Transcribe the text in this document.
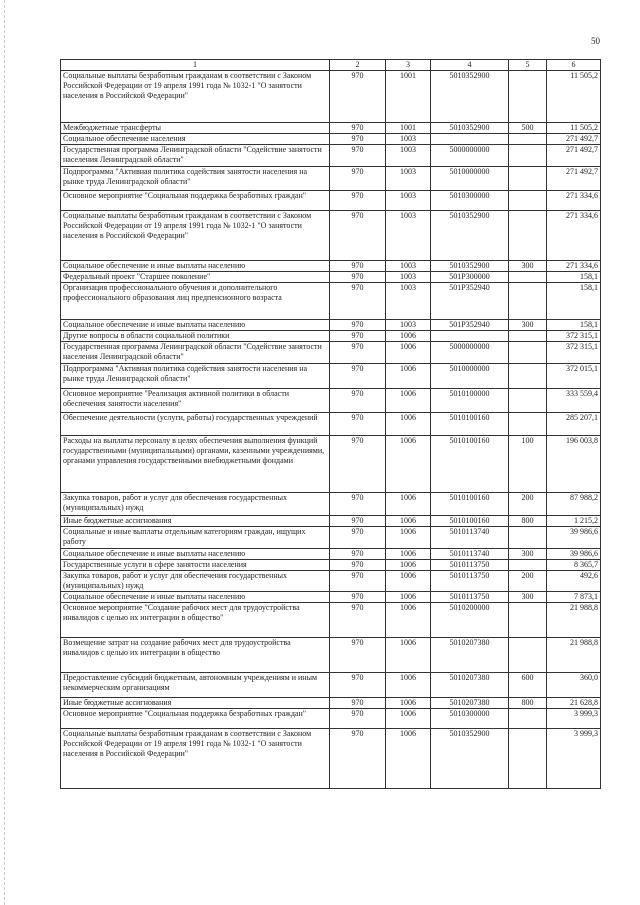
50
1	2	3	4	5	6
Социальные выплаты безработным гражданам в соответствии с Законом Российской Федерации от 19 апреля 1991 года № 1032-1 "О занятости населения в Российской Федерации"	970	1001	5010352900		11 505,2
Межбюджетные трансферты	970	1001	5010352900	500	11 505,2
Социальное обеспечение населения	970	1003			271 492,7
Государственная программа Ленинградской области "Содействие занятости населения Ленинградской области"	970	1003	5000000000		271 492,7
Подпрограмма "Активная политика содействия занятости населения на рынке труда Ленинградской области"	970	1003	5010000000		271 492,7
Основное мероприятие "Социальная поддержка безработных граждан"	970	1003	5010300000		271 334,6
Социальные выплаты безработным гражданам в соответствии с Законом Российской Федерации от 19 апреля 1991 года № 1032-1 "О занятости населения в Российской Федерации"	970	1003	5010352900		271 334,6
Социальное обеспечение и иные выплаты населению	970	1003	5010352900	300	271 334,6
Федеральный проект "Старшее поколение"	970	1003	501P300000		158,1
Организация профессионального обучения и дополнительного профессионального образования лиц предпенсионного возраста	970	1003	501P352940		158,1
Социальное обеспечение и иные выплаты населению	970	1003	501P352940	300	158,1
Другие вопросы в области социальной политики	970	1006			372 315,1
Государственная программа Ленинградской области "Содействие занятости населения Ленинградской области"	970	1006	5000000000		372 315,1
Подпрограмма "Активная политика содействия занятости населения на рынке труда Ленинградской области"	970	1006	5010000000		372 015,1
Основное мероприятие "Реализация активной политики в области обеспечения занятости населения"	970	1006	5010100000		333 559,4
Обеспечение деятельности (услуги, работы) государственных учреждений	970	1006	5010100160		285 207,1
Расходы на выплаты персоналу в целях обеспечения выполнения функций государственными (муниципальными) органами, казенными учреждениями, органами управления государственными внебюджетными фондами	970	1006	5010100160	100	196 003,8
Закупка товаров, работ и услуг для обеспечения государственных (муниципальных) нужд	970	1006	5010100160	200	87 988,2
Иные бюджетные ассигнования	970	1006	5010100160	800	1 215,2
Социальные и иные выплаты отдельным категориям граждан, ищущих работу	970	1006	5010113740		39 986,6
Социальное обеспечение и иные выплаты населению	970	1006	5010113740	300	39 986,6
Государственные услуги в сфере занятости населения	970	1006	5010113750		8 365,7
Закупка товаров, работ и услуг для обеспечения государственных (муниципальных) нужд	970	1006	5010113750	200	492,6
Социальное обеспечение и иные выплаты населению	970	1006	5010113750	300	7 873,1
Основное мероприятие "Создание рабочих мест для трудоустройства инвалидов с целью их интеграции в общество"	970	1006	5010200000		21 988,8
Возмещение затрат на создание рабочих мест для трудоустройства инвалидов с целью их интеграции в общество	970	1006	5010207380		21 988,8
Предоставление субсидий бюджетным, автономным учреждениям и иным некоммерческим организациям	970	1006	5010207380	600	360,0
Иные бюджетные ассигнования	970	1006	5010207380	800	21 628,8
Основное мероприятие "Социальная поддержка безработных граждан"	970	1006	5010300000		3 999,3
Социальные выплаты безработным гражданам в соответствии с Законом Российской Федерации от 19 апреля 1991 года № 1032-1 "О занятости населения в Российской Федерации"	970	1006	5010352900		3 999,3
